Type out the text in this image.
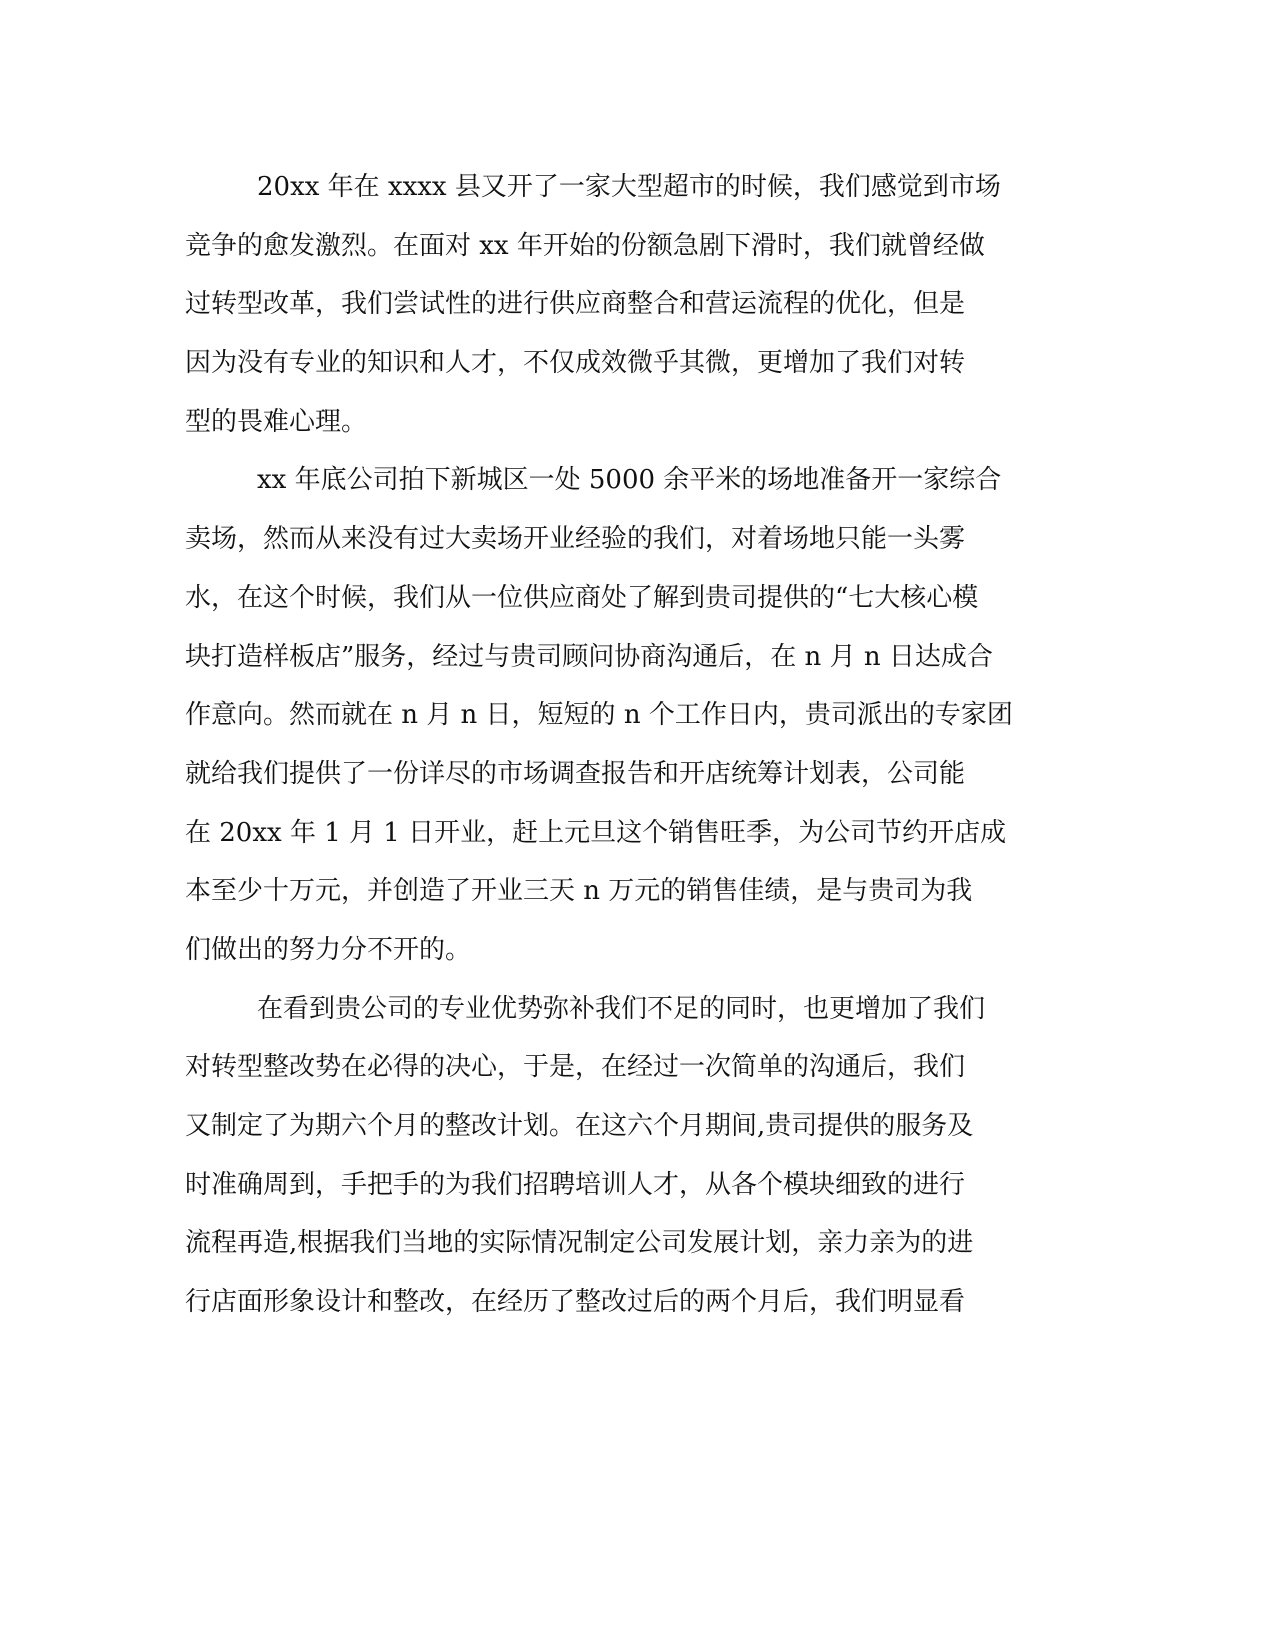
20xx 年在 xxxx 县又开了一家大型超市的时候，我们感觉到市场
竞争的愈发激烈。在面对 xx 年开始的份额急剧下滑时，我们就曾经做
过转型改革，我们尝试性的进行供应商整合和营运流程的优化，但是
因为没有专业的知识和人才，不仅成效微乎其微，更增加了我们对转
型的畏难心理。
xx 年底公司拍下新城区一处 5000 余平米的场地准备开一家综合
卖场，然而从来没有过大卖场开业经验的我们，对着场地只能一头雾
水，在这个时候，我们从一位供应商处了解到贵司提供的“七大核心模
块打造样板店”服务，经过与贵司顾问协商沟通后，在 n 月 n 日达成合
作意向。然而就在 n 月 n 日，短短的 n 个工作日内，贵司派出的专家团
就给我们提供了一份详尽的市场调查报告和开店统筹计划表，公司能
在 20xx 年 1 月 1 日开业，赶上元旦这个销售旺季，为公司节约开店成
本至少十万元，并创造了开业三天 n 万元的销售佳绩，是与贵司为我
们做出的努力分不开的。
在看到贵公司的专业优势弥补我们不足的同时，也更增加了我们
对转型整改势在必得的决心，于是，在经过一次简单的沟通后，我们
又制定了为期六个月的整改计划。在这六个月期间,贵司提供的服务及
时准确周到，手把手的为我们招聘培训人才，从各个模块细致的进行
流程再造,根据我们当地的实际情况制定公司发展计划，亲力亲为的进
行店面形象设计和整改，在经历了整改过后的两个月后，我们明显看
